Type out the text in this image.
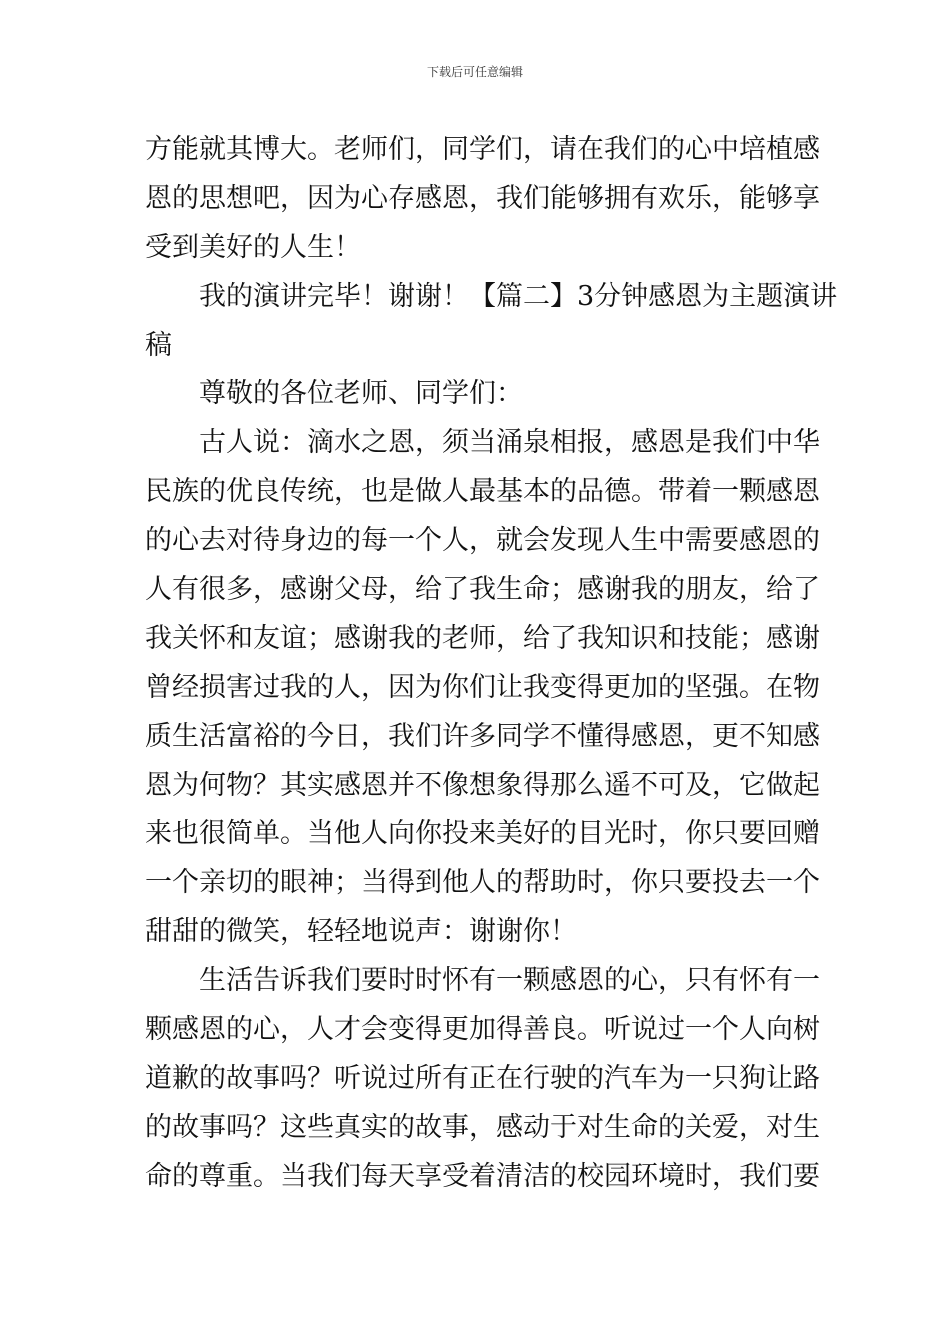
下载后可任意编辑
方能就其博大。老师们，同学们，请在我们的心中培植感
恩的思想吧，因为心存感恩，我们能够拥有欢乐，能够享
受到美好的人生！
　　我的演讲完毕！谢谢！【篇二】3分钟感恩为主题演讲
稿
　　尊敬的各位老师、同学们：
　　古人说：滴水之恩，须当涌泉相报，感恩是我们中华
民族的优良传统，也是做人最基本的品德。带着一颗感恩
的心去对待身边的每一个人，就会发现人生中需要感恩的
人有很多，感谢父母，给了我生命；感谢我的朋友，给了
我关怀和友谊；感谢我的老师，给了我知识和技能；感谢
曾经损害过我的人，因为你们让我变得更加的坚强。在物
质生活富裕的今日，我们许多同学不懂得感恩，更不知感
恩为何物？其实感恩并不像想象得那么遥不可及，它做起
来也很简单。当他人向你投来美好的目光时，你只要回赠
一个亲切的眼神；当得到他人的帮助时，你只要投去一个
甜甜的微笑，轻轻地说声：谢谢你！
　　生活告诉我们要时时怀有一颗感恩的心，只有怀有一
颗感恩的心，人才会变得更加得善良。听说过一个人向树
道歉的故事吗？听说过所有正在行驶的汽车为一只狗让路
的故事吗？这些真实的故事，感动于对生命的关爱，对生
命的尊重。当我们每天享受着清洁的校园环境时，我们要
